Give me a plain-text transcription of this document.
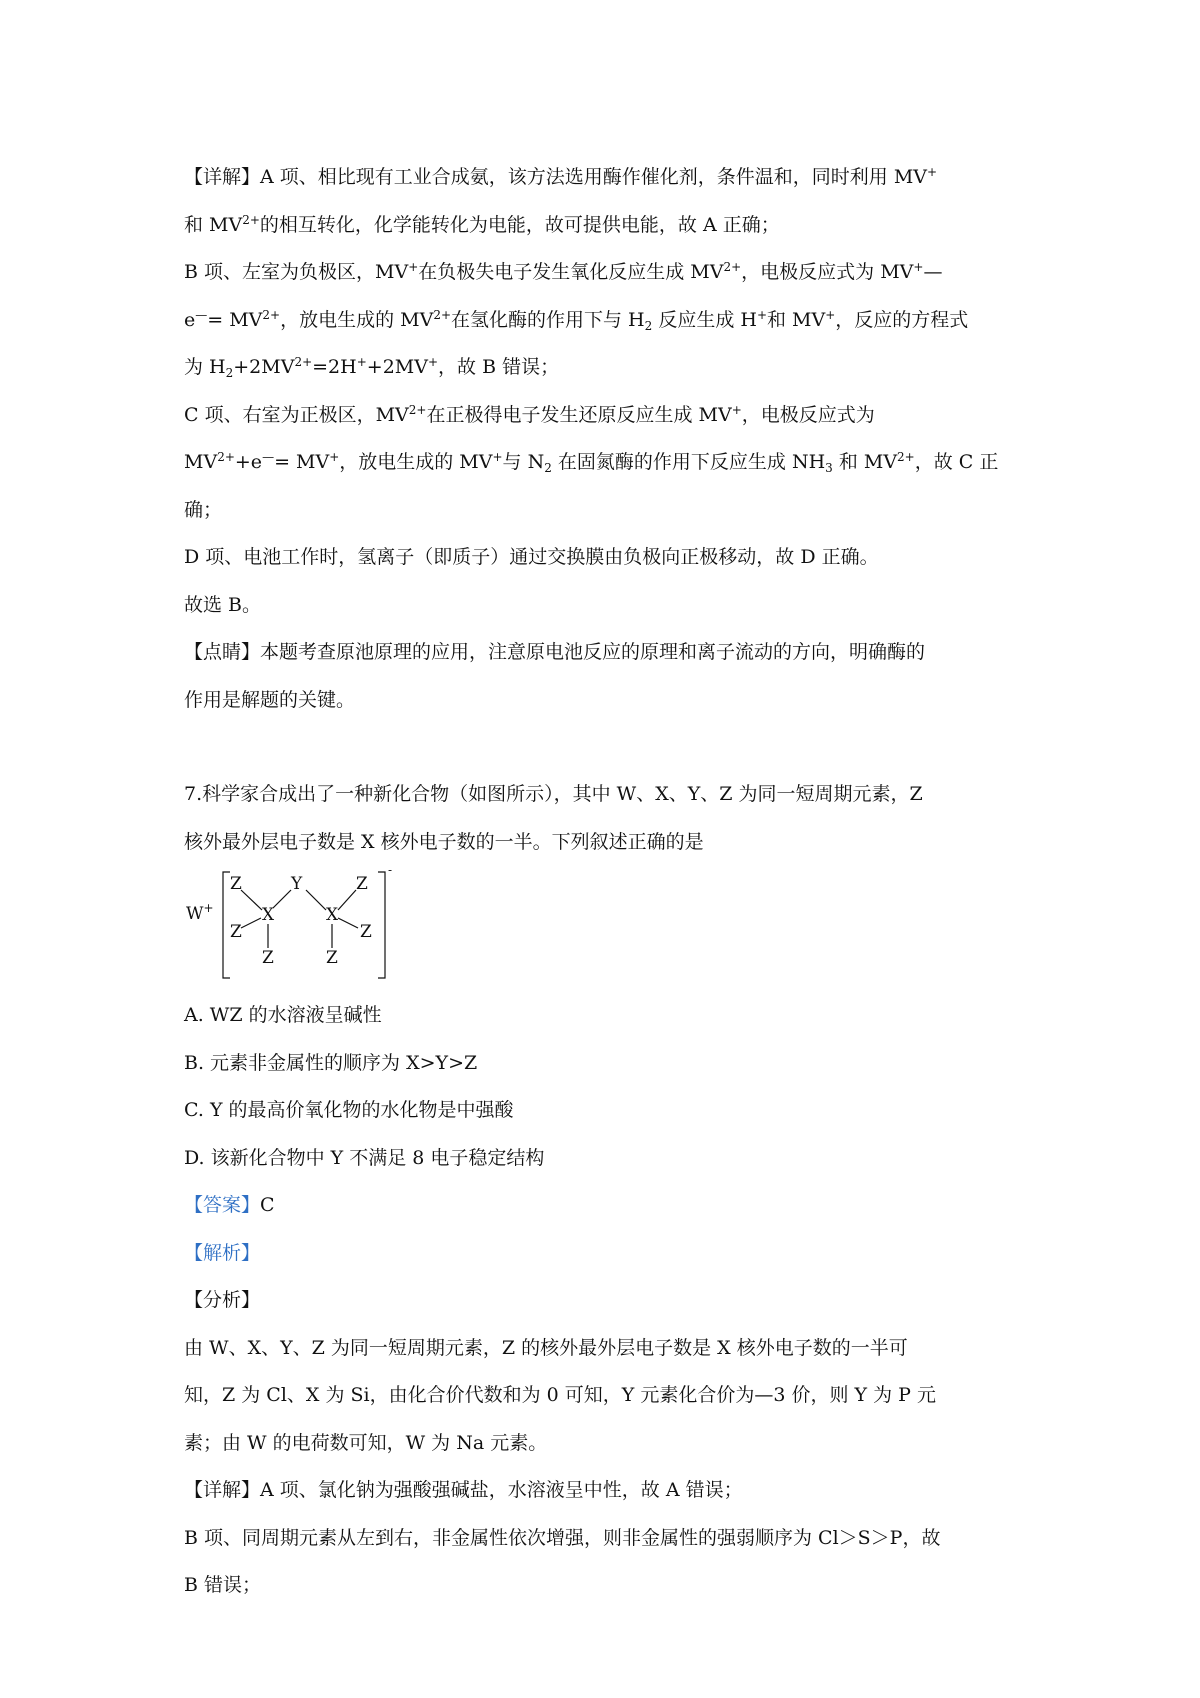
【详解】A 项、相比现有工业合成氨，该方法选用酶作催化剂，条件温和，同时利用 MV+

和 $MV^{2+}$的相互转化，化学能转化为电能，故可提供电能，故 A 正确；

B 项、左室为负极区，MV+在负极失电子发生氧化反应生成 $MV^{2+}$，电极反应式为 MV+—

$e^—= MV^{2+}$，放电生成的 $MV^{2+}$在氢化酶的作用下与 $H_2$ 反应生成 H+和 MV+，反应的方程式

为 $H_2+2MV^{2+}=2H^++2MV^+$，故 B 错误；

C 项、右室为正极区，$MV^{2+}$在正极得电子发生还原反应生成 MV+，电极反应式为

$MV^{2+}+e^—= MV^+$，放电生成的 MV+与 $N_2$ 在固氮酶的作用下反应生成 $NH_3$ 和 $MV^{2+}$，故 C 正

确；

D 项、电池工作时，氢离子（即质子）通过交换膜由负极向正极移动，故 D 正确。

故选 B。

【点睛】本题考查原池原理的应用，注意原电池反应的原理和离子流动的方向，明确酶的

作用是解题的关键。

7.科学家合成出了一种新化合物（如图所示），其中 W、X、Y、Z 为同一短周期元素，Z

核外最外层电子数是 X 核外电子数的一半。下列叙述正确的是

W+
-
Z
Z
X
Y
Z
X
Z
Z
Z

A. WZ 的水溶液呈碱性

B. 元素非金属性的顺序为 X>Y>Z

C. Y 的最高价氧化物的水化物是中强酸

D. 该新化合物中 Y 不满足 8 电子稳定结构

【答案】C

【解析】

【分析】

由 W、X、Y、Z 为同一短周期元素，Z 的核外最外层电子数是 X 核外电子数的一半可

知，Z 为 Cl、X 为 Si，由化合价代数和为 0 可知，Y 元素化合价为—3 价，则 Y 为 P 元

素；由 W 的电荷数可知，W 为 Na 元素。

【详解】A 项、氯化钠为强酸强碱盐，水溶液呈中性，故 A 错误；

B 项、同周期元素从左到右，非金属性依次增强，则非金属性的强弱顺序为 Cl＞S＞P，故

B 错误；
